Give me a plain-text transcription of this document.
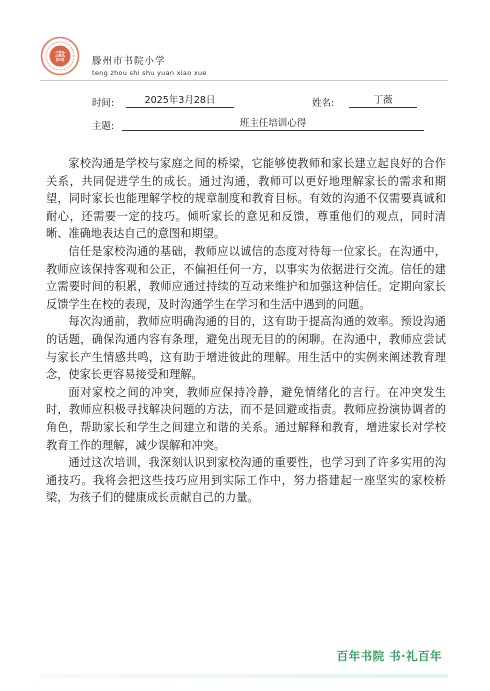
書	滕州市书院小学
teng zhou shi shu yuan xiao xue
时间:	2025年3月28日	姓名:	丁薇
主题:	班主任培训心得

家校沟通是学校与家庭之间的桥梁，它能够使教师和家长建立起良好的合作关系，共同促进学生的成长。通过沟通，教师可以更好地理解家长的需求和期望，同时家长也能理解学校的规章制度和教育目标。有效的沟通不仅需要真诚和耐心，还需要一定的技巧。倾听家长的意见和反馈，尊重他们的观点，同时清晰、准确地表达自己的意图和期望。

信任是家校沟通的基础，教师应以诚信的态度对待每一位家长。在沟通中，教师应该保持客观和公正，不偏袒任何一方，以事实为依据进行交流。信任的建立需要时间的积累，教师应通过持续的互动来维护和加强这种信任。定期向家长反馈学生在校的表现，及时沟通学生在学习和生活中遇到的问题。

每次沟通前，教师应明确沟通的目的，这有助于提高沟通的效率。预设沟通的话题，确保沟通内容有条理，避免出现无目的的闲聊。在沟通中，教师应尝试与家长产生情感共鸣，这有助于增进彼此的理解。用生活中的实例来阐述教育理念，使家长更容易接受和理解。

面对家校之间的冲突，教师应保持冷静，避免情绪化的言行。在冲突发生时，教师应积极寻找解决问题的方法，而不是回避或指责。教师应扮演协调者的角色，帮助家长和学生之间建立和谐的关系。通过解释和教育，增进家长对学校教育工作的理解，减少误解和冲突。

通过这次培训，我深刻认识到家校沟通的重要性，也学习到了许多实用的沟通技巧。我将会把这些技巧应用到实际工作中，努力搭建起一座坚实的家校桥梁，为孩子们的健康成长贡献自己的力量。

百年书院 书·礼百年
